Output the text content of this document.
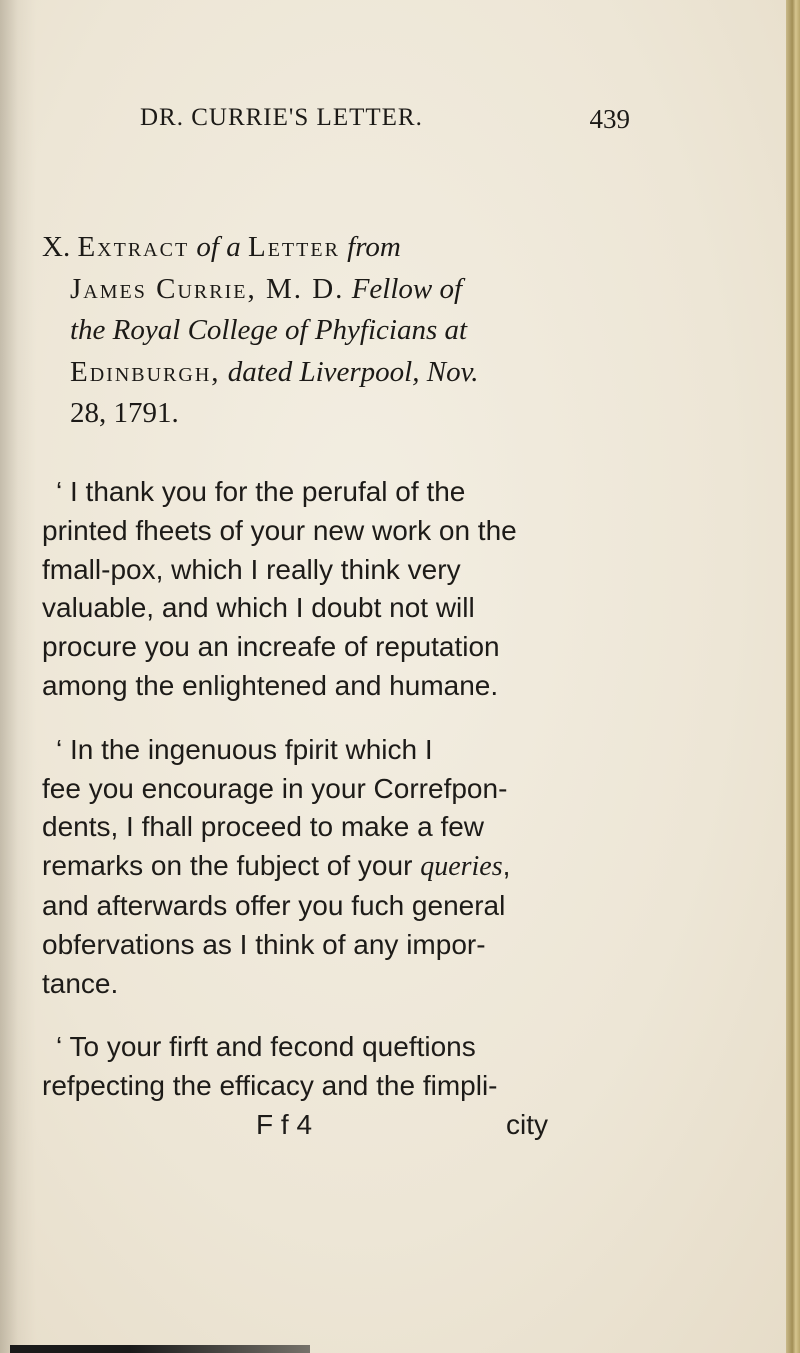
DR. CURRIE'S LETTER.	439
X. Extract of a Letter from
James Currie, M. D. Fellow of
the Royal College of Phyficians at
Edinburgh, dated Liverpool, Nov.
28, 1791.
‘ I thank you for the perufal of the
printed fheets of your new work on the
fmall-pox, which I really think very
valuable, and which I doubt not will
procure you an increafe of reputation
among the enlightened and humane.
‘ In the ingenuous fpirit which I
fee you encourage in your Correfpon-
dents, I fhall proceed to make a few
remarks on the fubject of your queries,
and afterwards offer you fuch general
obfervations as I think of any impor-
tance.
‘ To your firft and fecond queftions
refpecting the efficacy and the fimpli-
F f 4	city
